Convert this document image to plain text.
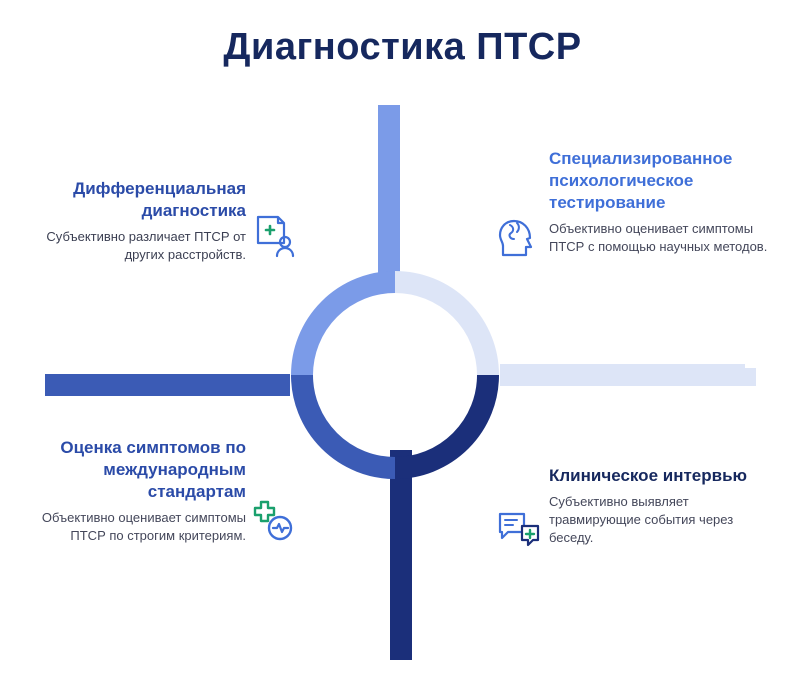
Диагностика ПТСР
Дифференциальная диагностика
Субъективно различает ПТСР от других расстройств.
Специализированное психологическое тестирование
Объективно оценивает симптомы ПТСР с помощью научных методов.
Оценка симптомов по международным стандартам
Объективно оценивает симптомы ПТСР по строгим критериям.
Клиническое интервью
Субъективно выявляет травмирующие события через беседу.
